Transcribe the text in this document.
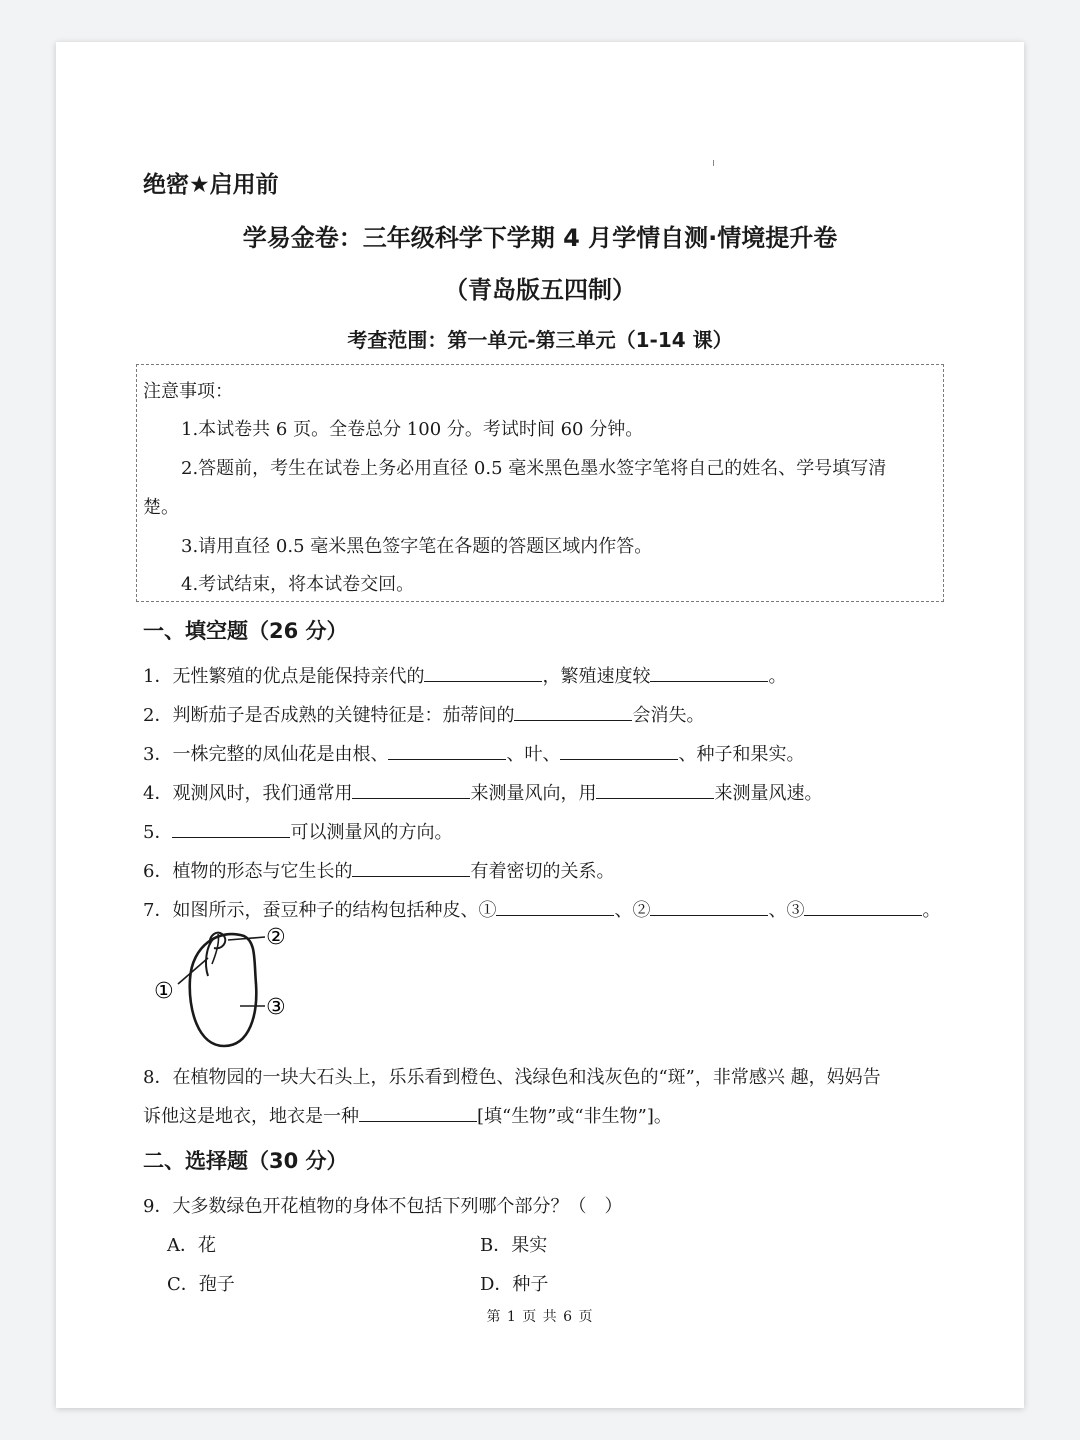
绝密★启用前
学易金卷：三年级科学下学期 4 月学情自测·情境提升卷
（青岛版五四制）
考查范围：第一单元-第三单元（1-14 课）
注意事项：
1.本试卷共 6 页。全卷总分 100 分。考试时间 60 分钟。
2.答题前，考生在试卷上务必用直径 0.5 毫米黑色墨水签字笔将自己的姓名、学号填写清
楚。
3.请用直径 0.5 毫米黑色签字笔在各题的答题区域内作答。
4.考试结束，将本试卷交回。
一、填空题（26 分）
1．无性繁殖的优点是能保持亲代的	，繁殖速度较	。
2．判断茄子是否成熟的关键特征是：茄蒂间的	会消失。
3．一株完整的凤仙花是由根、	、叶、	、种子和果实。
4．观测风时，我们通常用	来测量风向，用	来测量风速。
5．	可以测量风的方向。
6．植物的形态与它生长的	有着密切的关系。
7．如图所示，蚕豆种子的结构包括种皮、①	、②	、③	。
①
②
③
8．在植物园的一块大石头上，乐乐看到橙色、浅绿色和浅灰色的“斑”，非常感兴 趣，妈妈告
诉他这是地衣，地衣是一种	[填“生物”或“非生物”]。
二、选择题（30 分）
9．大多数绿色开花植物的身体不包括下列哪个部分？（　）
A．花	B．果实
C．孢子	D．种子
第 1 页 共 6 页
